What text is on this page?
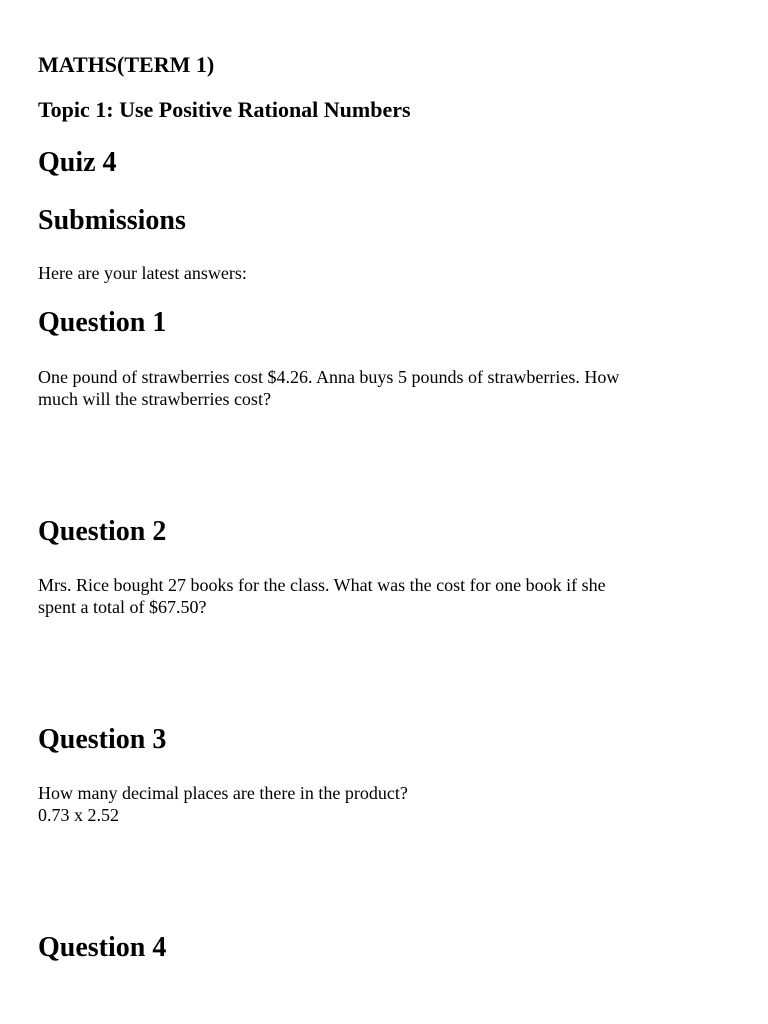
MATHS(TERM 1)
Topic 1: Use Positive Rational Numbers
Quiz 4
Submissions

Here are your latest answers:

Question 1
One pound of strawberries cost $4.26. Anna buys 5 pounds of strawberries. How
much will the strawberries cost?
Question 2
Mrs. Rice bought 27 books for the class. What was the cost for one book if she
spent a total of $67.50?
Question 3
How many decimal places are there in the product?
0.73 x 2.52
Question 4
